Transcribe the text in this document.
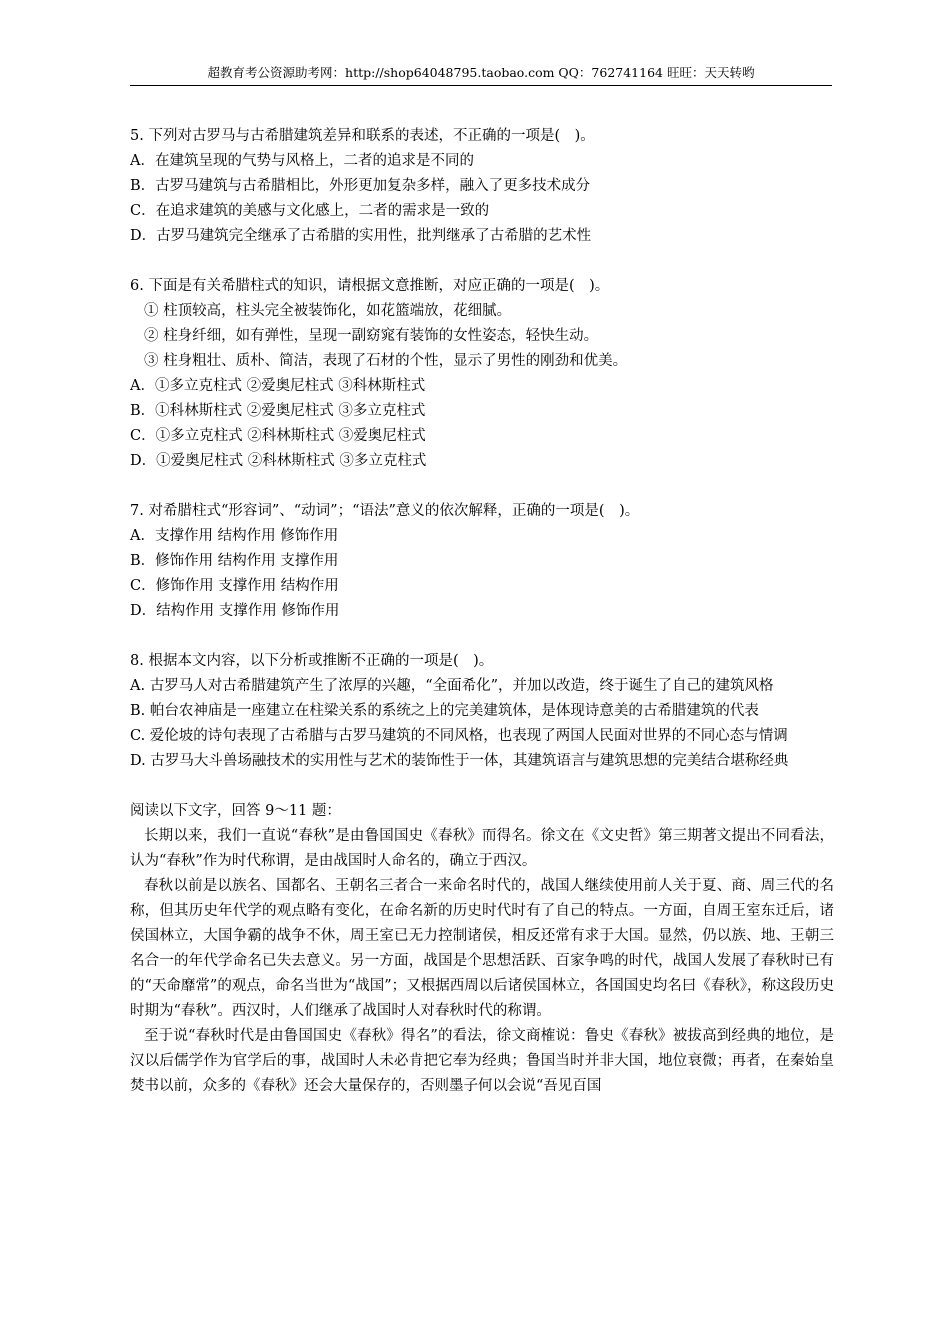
超教育考公资源助考网：http://shop64048795.taobao.com QQ：762741164 旺旺：天天转哟

5. 下列对古罗马与古希腊建筑差异和联系的表述，不正确的一项是(　)。

A．在建筑呈现的气势与风格上，二者的追求是不同的

B．古罗马建筑与古希腊相比，外形更加复杂多样，融入了更多技术成分

C．在追求建筑的美感与文化感上，二者的需求是一致的

D．古罗马建筑完全继承了古希腊的实用性，批判继承了古希腊的艺术性

6. 下面是有关希腊柱式的知识，请根据文意推断，对应正确的一项是(　)。

① 柱顶较高，柱头完全被装饰化，如花篮端放，花细腻。

② 柱身纤细，如有弹性，呈现一副窈窕有装饰的女性姿态，轻快生动。

③ 柱身粗壮、质朴、简洁，表现了石材的个性，显示了男性的刚劲和优美。

A．①多立克柱式 ②爱奥尼柱式 ③科林斯柱式

B．①科林斯柱式 ②爱奥尼柱式 ③多立克柱式

C．①多立克柱式 ②科林斯柱式 ③爱奥尼柱式

D．①爱奥尼柱式 ②科林斯柱式 ③多立克柱式

7. 对希腊柱式“形容词”、“动词”；“语法”意义的依次解释，正确的一项是(　)。

A．支撑作用 结构作用 修饰作用

B．修饰作用 结构作用 支撑作用

C．修饰作用 支撑作用 结构作用

D．结构作用 支撑作用 修饰作用

8. 根据本文内容，以下分析或推断不正确的一项是(　)。

A. 古罗马人对古希腊建筑产生了浓厚的兴趣，“全面希化”，并加以改造，终于诞生了自己的建筑风格

B. 帕台农神庙是一座建立在柱梁关系的系统之上的完美建筑体，是体现诗意美的古希腊建筑的代表

C. 爱伦坡的诗句表现了古希腊与古罗马建筑的不同风格，也表现了两国人民面对世界的不同心态与情调

D. 古罗马大斗兽场融技术的实用性与艺术的装饰性于一体，其建筑语言与建筑思想的完美结合堪称经典

阅读以下文字，回答 9～11 题：

长期以来，我们一直说“春秋”是由鲁国国史《春秋》而得名。徐文在《文史哲》第三期著文提出不同看法，认为“春秋”作为时代称谓，是由战国时人命名的，确立于西汉。

春秋以前是以族名、国都名、王朝名三者合一来命名时代的，战国人继续使用前人关于夏、商、周三代的名称，但其历史年代学的观点略有变化，在命名新的历史时代时有了自己的特点。一方面，自周王室东迁后，诸侯国林立，大国争霸的战争不休，周王室已无力控制诸侯，相反还常有求于大国。显然，仍以族、地、王朝三名合一的年代学命名已失去意义。另一方面，战国是个思想活跃、百家争鸣的时代，战国人发展了春秋时已有的“天命靡常”的观点，命名当世为“战国”；又根据西周以后诸侯国林立，各国国史均名曰《春秋》，称这段历史时期为“春秋”。西汉时，人们继承了战国时人对春秋时代的称谓。

至于说“春秋时代是由鲁国国史《春秋》得名”的看法，徐文商榷说：鲁史《春秋》被拔高到经典的地位，是汉以后儒学作为官学后的事，战国时人未必肯把它奉为经典；鲁国当时并非大国，地位衰微；再者，在秦始皇焚书以前，众多的《春秋》还会大量保存的，否则墨子何以会说“吾见百国
